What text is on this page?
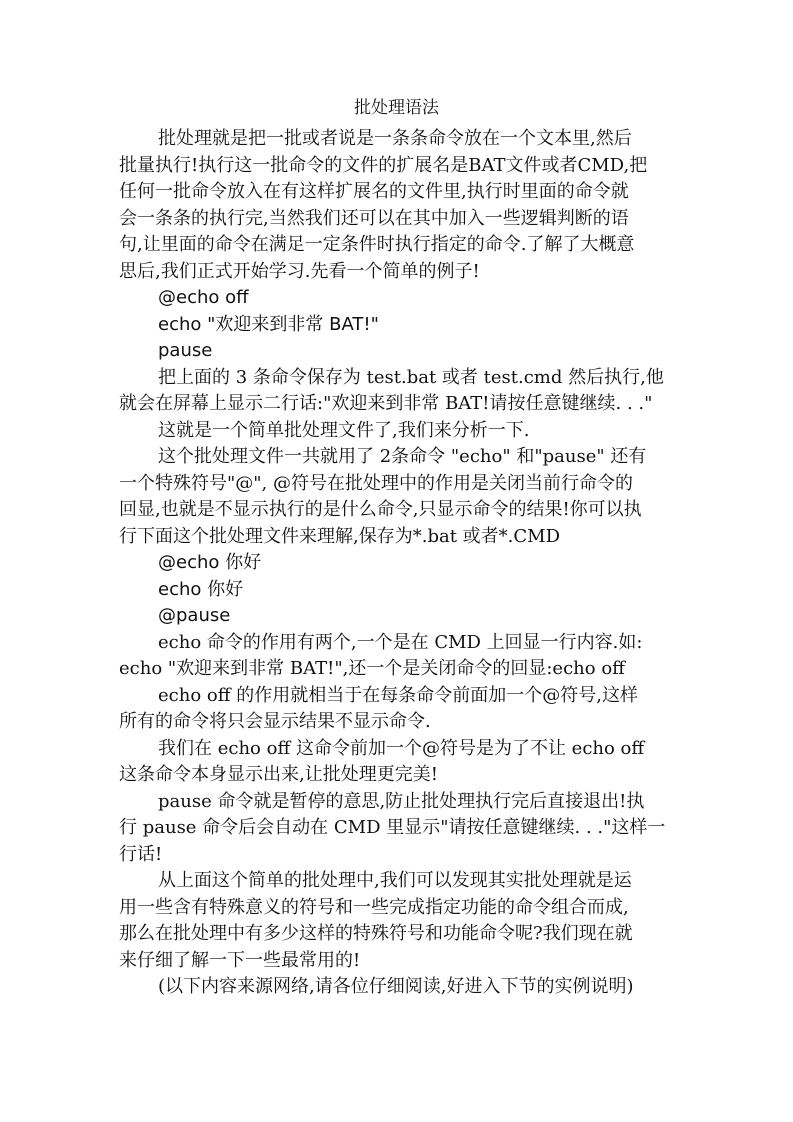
批处理语法
批处理就是把一批或者说是一条条命令放在一个文本里,然后
批量执行!执行这一批命令的文件的扩展名是BAT文件或者CMD,把
任何一批命令放入在有这样扩展名的文件里,执行时里面的命令就
会一条条的执行完,当然我们还可以在其中加入一些逻辑判断的语
句,让里面的命令在满足一定条件时执行指定的命令.了解了大概意
思后,我们正式开始学习.先看一个简单的例子!
@echo off
echo "欢迎来到非常 BAT!"
pause
把上面的 3 条命令保存为 test.bat 或者 test.cmd 然后执行,他
就会在屏幕上显示二行话:"欢迎来到非常 BAT!请按任意键继续. . ."
这就是一个简单批处理文件了,我们来分析一下.
这个批处理文件一共就用了 2条命令 "echo" 和"pause" 还有
一个特殊符号"@", @符号在批处理中的作用是关闭当前行命令的
回显,也就是不显示执行的是什么命令,只显示命令的结果!你可以执
行下面这个批处理文件来理解,保存为*.bat 或者*.CMD
@echo 你好
echo 你好
@pause
echo 命令的作用有两个,一个是在 CMD 上回显一行内容.如:
echo "欢迎来到非常 BAT!",还一个是关闭命令的回显:echo off
echo off 的作用就相当于在每条命令前面加一个@符号,这样
所有的命令将只会显示结果不显示命令.
我们在 echo off 这命令前加一个@符号是为了不让 echo off
这条命令本身显示出来,让批处理更完美!
pause 命令就是暂停的意思,防止批处理执行完后直接退出!执
行 pause 命令后会自动在 CMD 里显示"请按任意键继续. . ."这样一
行话!
从上面这个简单的批处理中,我们可以发现其实批处理就是运
用一些含有特殊意义的符号和一些完成指定功能的命令组合而成,
那么在批处理中有多少这样的特殊符号和功能命令呢?我们现在就
来仔细了解一下一些最常用的!
(以下内容来源网络,请各位仔细阅读,好进入下节的实例说明)
